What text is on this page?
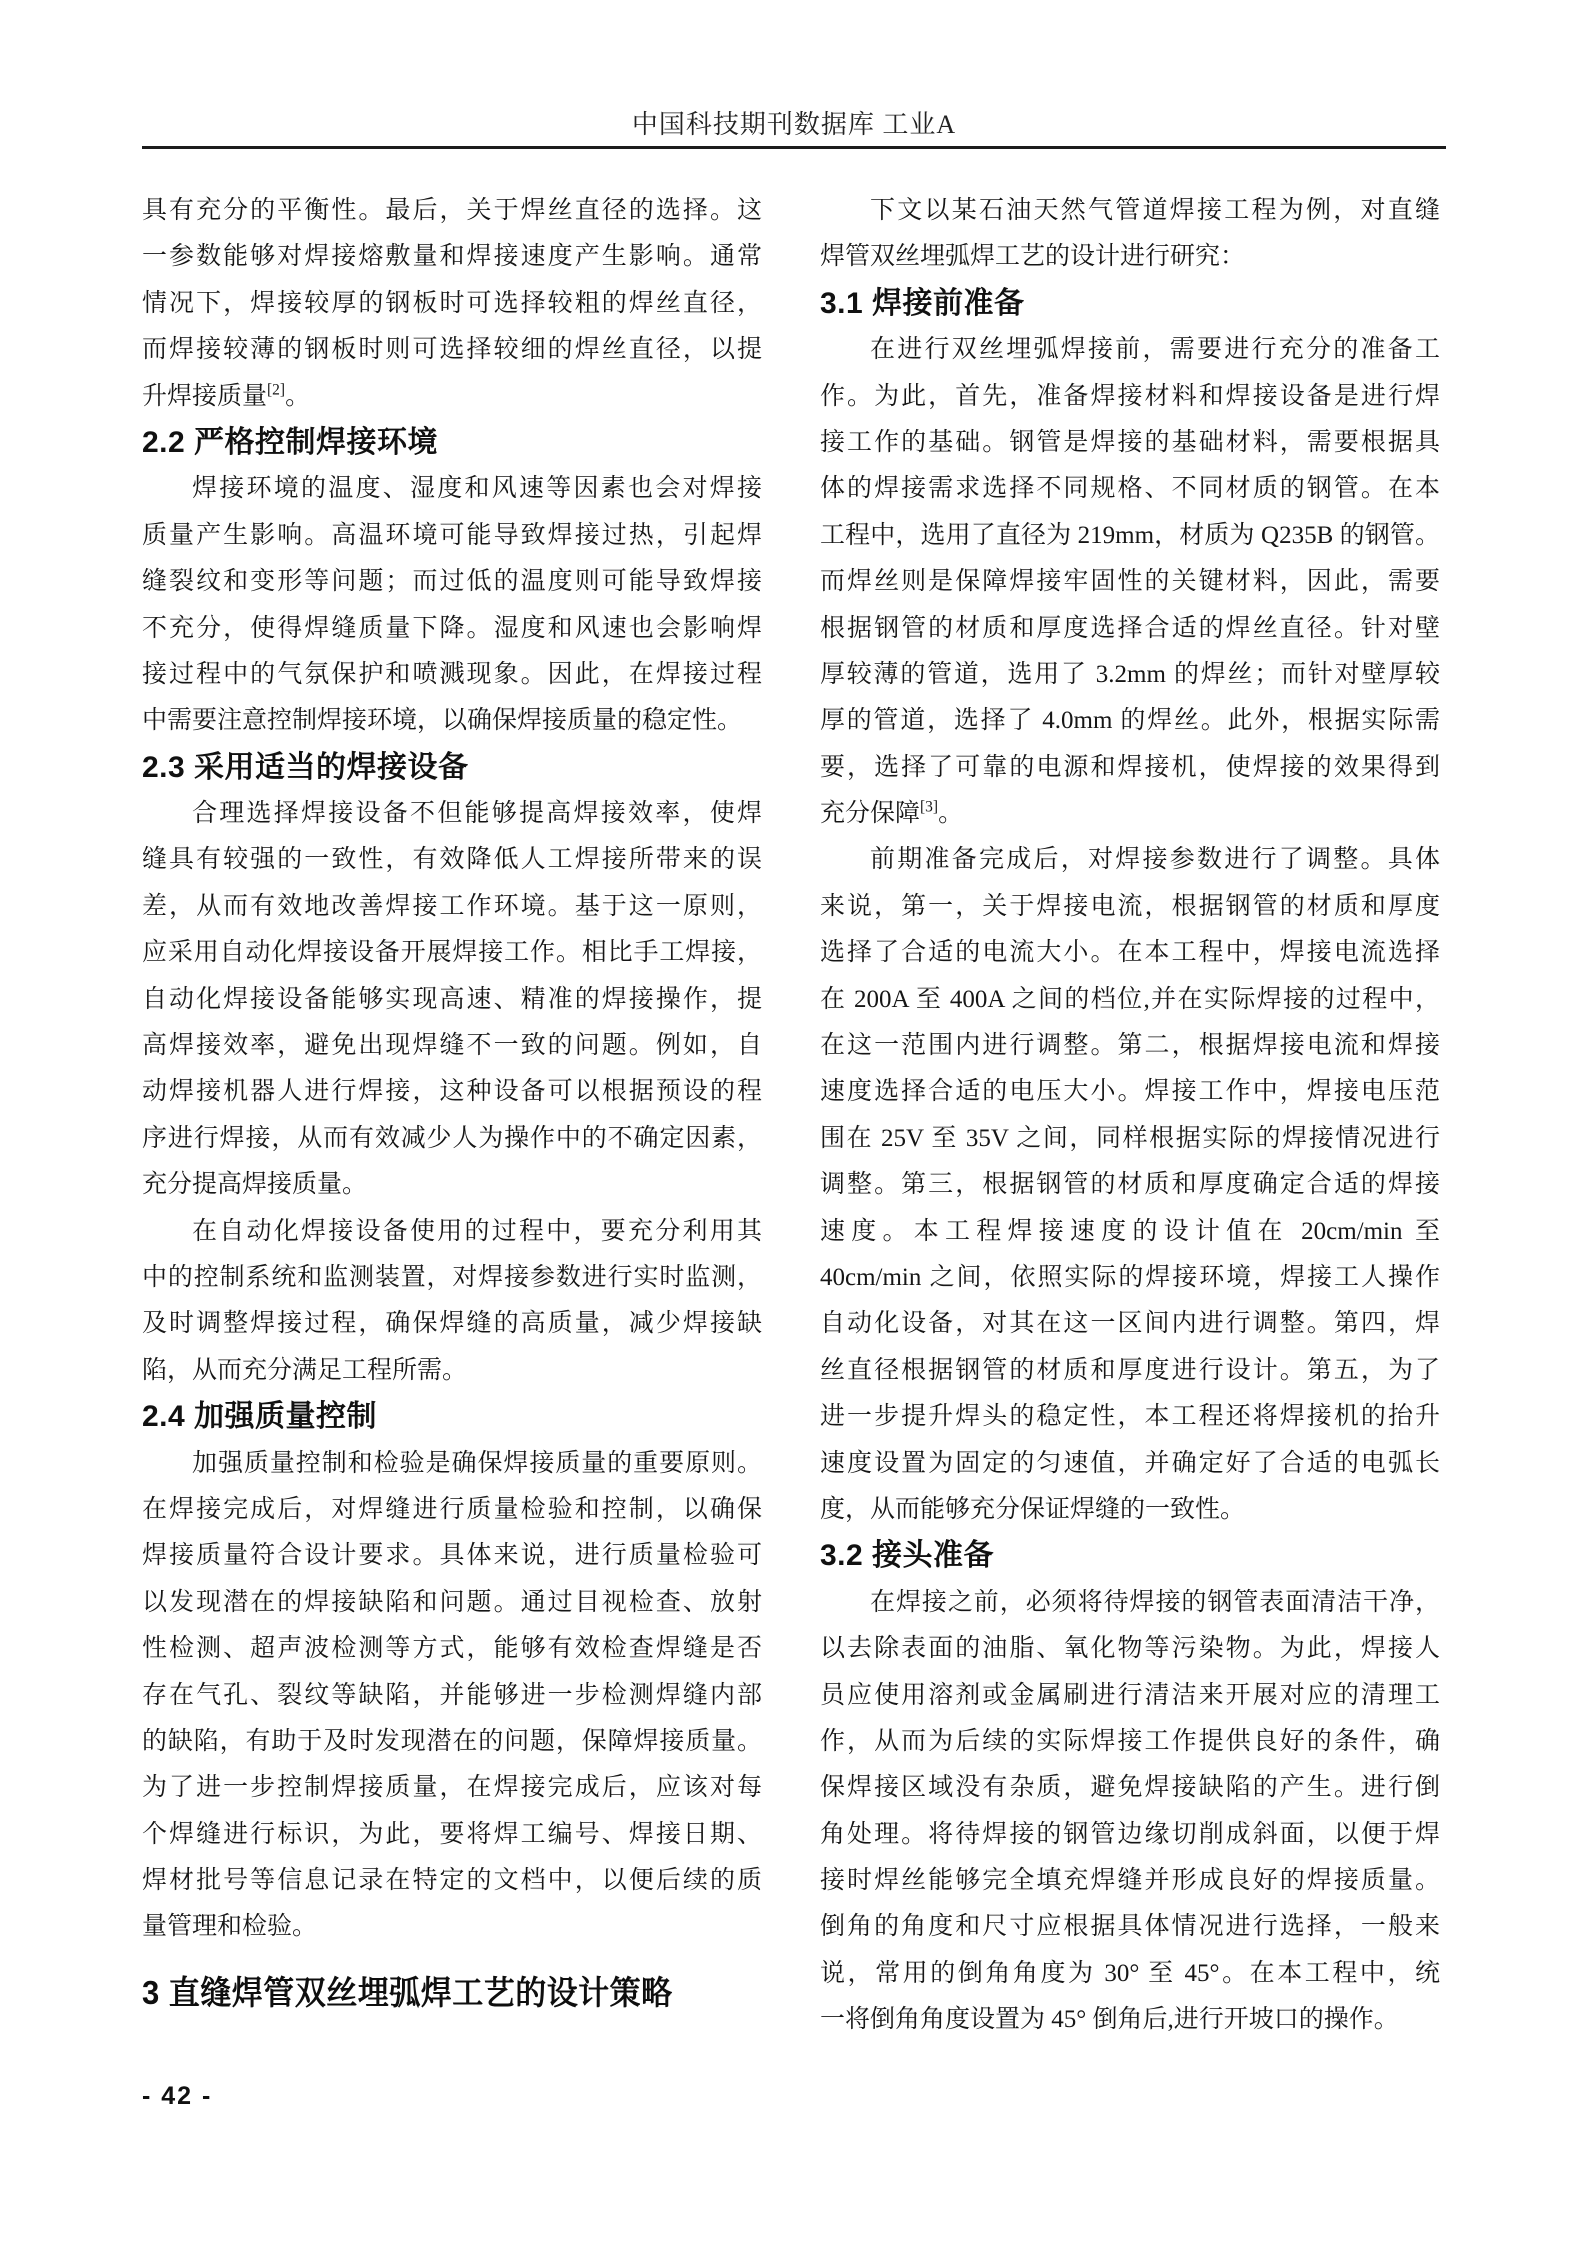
中国科技期刊数据库 工业A
具有充分的平衡性。最后，关于焊丝直径的选择。这
一参数能够对焊接熔敷量和焊接速度产生影响。通常
情况下，焊接较厚的钢板时可选择较粗的焊丝直径，
而焊接较薄的钢板时则可选择较细的焊丝直径，以提
升焊接质量[2]。
2.2 严格控制焊接环境
焊接环境的温度、湿度和风速等因素也会对焊接
质量产生影响。高温环境可能导致焊接过热，引起焊
缝裂纹和变形等问题；而过低的温度则可能导致焊接
不充分，使得焊缝质量下降。湿度和风速也会影响焊
接过程中的气氛保护和喷溅现象。因此，在焊接过程
中需要注意控制焊接环境，以确保焊接质量的稳定性。
2.3 采用适当的焊接设备
合理选择焊接设备不但能够提高焊接效率，使焊
缝具有较强的一致性，有效降低人工焊接所带来的误
差，从而有效地改善焊接工作环境。基于这一原则，
应采用自动化焊接设备开展焊接工作。相比手工焊接，
自动化焊接设备能够实现高速、精准的焊接操作，提
高焊接效率，避免出现焊缝不一致的问题。例如，自
动焊接机器人进行焊接，这种设备可以根据预设的程
序进行焊接，从而有效减少人为操作中的不确定因素，
充分提高焊接质量。
在自动化焊接设备使用的过程中，要充分利用其
中的控制系统和监测装置，对焊接参数进行实时监测，
及时调整焊接过程，确保焊缝的高质量，减少焊接缺
陷，从而充分满足工程所需。
2.4 加强质量控制
加强质量控制和检验是确保焊接质量的重要原则。
在焊接完成后，对焊缝进行质量检验和控制，以确保
焊接质量符合设计要求。具体来说，进行质量检验可
以发现潜在的焊接缺陷和问题。通过目视检查、放射
性检测、超声波检测等方式，能够有效检查焊缝是否
存在气孔、裂纹等缺陷，并能够进一步检测焊缝内部
的缺陷，有助于及时发现潜在的问题，保障焊接质量。
为了进一步控制焊接质量，在焊接完成后，应该对每
个焊缝进行标识，为此，要将焊工编号、焊接日期、
焊材批号等信息记录在特定的文档中，以便后续的质
量管理和检验。
3 直缝焊管双丝埋弧焊工艺的设计策略
下文以某石油天然气管道焊接工程为例，对直缝
焊管双丝埋弧焊工艺的设计进行研究：
3.1 焊接前准备
在进行双丝埋弧焊接前，需要进行充分的准备工
作。为此，首先，准备焊接材料和焊接设备是进行焊
接工作的基础。钢管是焊接的基础材料，需要根据具
体的焊接需求选择不同规格、不同材质的钢管。在本
工程中，选用了直径为 219mm，材质为 Q235B 的钢管。
而焊丝则是保障焊接牢固性的关键材料，因此，需要
根据钢管的材质和厚度选择合适的焊丝直径。针对壁
厚较薄的管道，选用了 3.2mm 的焊丝；而针对壁厚较
厚的管道，选择了 4.0mm 的焊丝。此外，根据实际需
要，选择了可靠的电源和焊接机，使焊接的效果得到
充分保障[3]。
前期准备完成后，对焊接参数进行了调整。具体
来说，第一，关于焊接电流，根据钢管的材质和厚度
选择了合适的电流大小。在本工程中，焊接电流选择
在 200A 至 400A 之间的档位,并在实际焊接的过程中，
在这一范围内进行调整。第二，根据焊接电流和焊接
速度选择合适的电压大小。焊接工作中，焊接电压范
围在 25V 至 35V 之间，同样根据实际的焊接情况进行
调整。第三，根据钢管的材质和厚度确定合适的焊接
速度。本工程焊接速度的设计值在 20cm/min 至
40cm/min 之间，依照实际的焊接环境，焊接工人操作
自动化设备，对其在这一区间内进行调整。第四，焊
丝直径根据钢管的材质和厚度进行设计。第五，为了
进一步提升焊头的稳定性，本工程还将焊接机的抬升
速度设置为固定的匀速值，并确定好了合适的电弧长
度，从而能够充分保证焊缝的一致性。
3.2 接头准备
在焊接之前，必须将待焊接的钢管表面清洁干净，
以去除表面的油脂、氧化物等污染物。为此，焊接人
员应使用溶剂或金属刷进行清洁来开展对应的清理工
作，从而为后续的实际焊接工作提供良好的条件，确
保焊接区域没有杂质，避免焊接缺陷的产生。进行倒
角处理。将待焊接的钢管边缘切削成斜面，以便于焊
接时焊丝能够完全填充焊缝并形成良好的焊接质量。
倒角的角度和尺寸应根据具体情况进行选择，一般来
说，常用的倒角角度为 30° 至 45°。在本工程中，统
一将倒角角度设置为 45° 倒角后,进行开坡口的操作。
- 42 -
